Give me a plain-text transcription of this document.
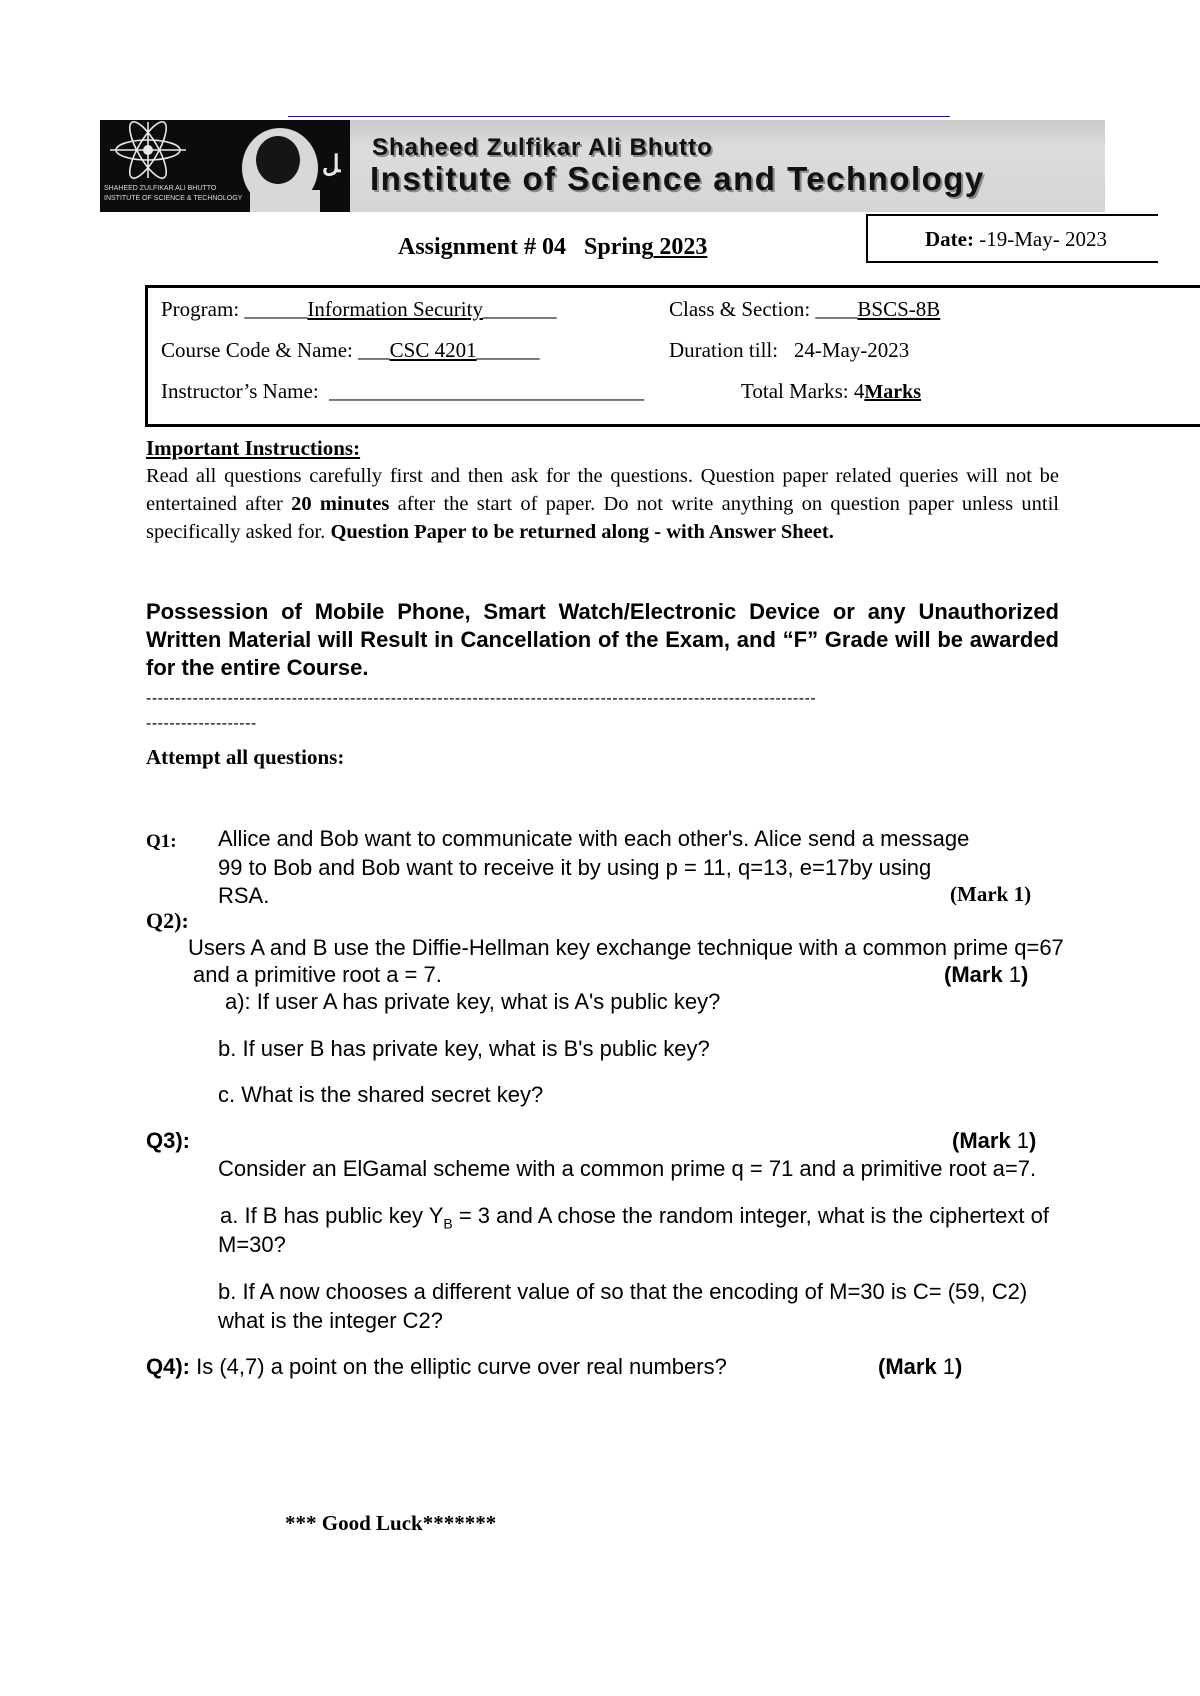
SHAHEED ZULFIKAR ALI BHUTTO
INSTITUTE OF SCIENCE & TECHNOLOGY
ﻞ
Shaheed Zulfikar Ali Bhutto
Institute of Science and Technology
Assignment # 04 Spring 2023	Date: -19-May- 2023
Program: ______Information Security_______	Class & Section: ____BSCS-8B
Course Code & Name: ___CSC 4201______	Duration till: 24-May-2023
Instructor’s Name: ______________________________	Total Marks: 4Marks
Important Instructions:
Read all questions carefully first and then ask for the questions. Question paper related queries will not be entertained after 20 minutes after the start of paper. Do not write anything on question paper unless until specifically asked for. Question Paper to be returned along - with Answer Sheet.
Possession of Mobile Phone, Smart Watch/Electronic Device or any Unauthorized Written Material will Result in Cancellation of the Exam, and “F” Grade will be awarded for the entire Course.
-------------------------------------------------------------------------------------------------------------------
-------------------
Attempt all questions:
Q1: Allice and Bob want to communicate with each other's. Alice send a message
99 to Bob and Bob want to receive it by using p = 11, q=13, e=17by using
RSA.	(Mark 1)
Q2):
Users A and B use the Diffie-Hellman key exchange technique with a common prime q=67
and a primitive root a = 7.	(Mark 1)
a): If user A has private key, what is A's public key?
b. If user B has private key, what is B's public key?
c. What is the shared secret key?
Q3):	(Mark 1)
Consider an ElGamal scheme with a common prime q = 71 and a primitive root a=7.
a. If B has public key $Y_B = 3$ and A chose the random integer, what is the ciphertext of
M=30?
b. If A now chooses a different value of so that the encoding of M=30 is C= (59, C2)
what is the integer C2?
Q4): Is (4,7) a point on the elliptic curve over real numbers?	(Mark 1)
*** Good Luck*******
